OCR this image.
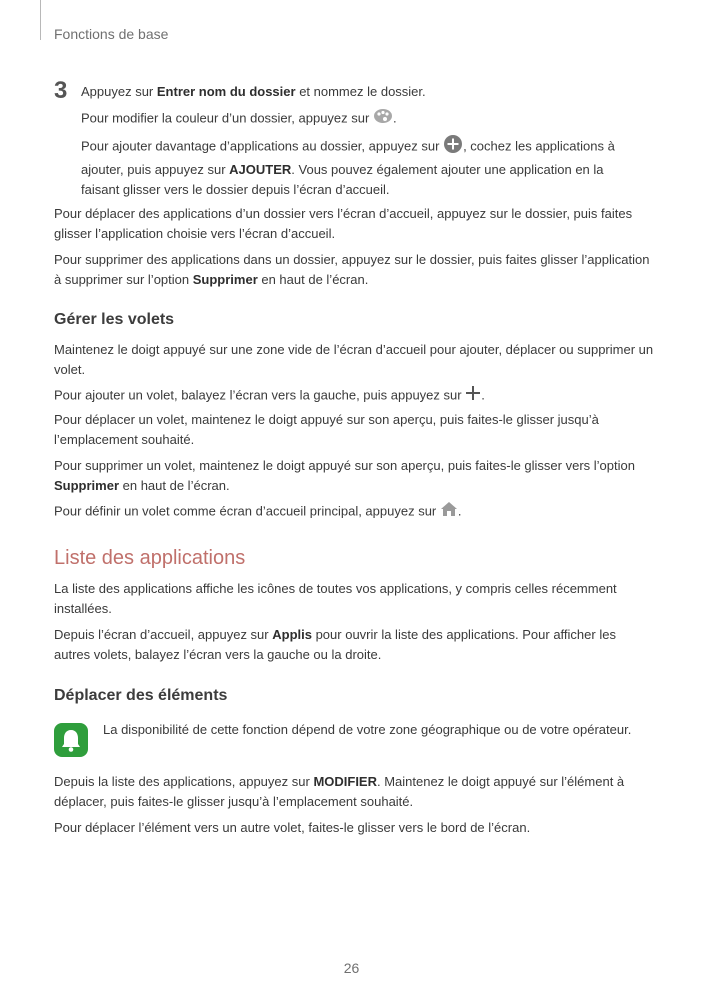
Fonctions de base
3 Appuyez sur Entrer nom du dossier et nommez le dossier.

Pour modifier la couleur d’un dossier, appuyez sur .

Pour ajouter davantage d’applications au dossier, appuyez sur , cochez les applications à ajouter, puis appuyez sur AJOUTER. Vous pouvez également ajouter une application en la faisant glisser vers le dossier depuis l’écran d’accueil.

Pour déplacer des applications d’un dossier vers l’écran d’accueil, appuyez sur le dossier, puis faites glisser l’application choisie vers l’écran d’accueil.

Pour supprimer des applications dans un dossier, appuyez sur le dossier, puis faites glisser l’application à supprimer sur l’option Supprimer en haut de l’écran.

Gérer les volets

Maintenez le doigt appuyé sur une zone vide de l’écran d’accueil pour ajouter, déplacer ou supprimer un volet.

Pour ajouter un volet, balayez l’écran vers la gauche, puis appuyez sur .

Pour déplacer un volet, maintenez le doigt appuyé sur son aperçu, puis faites-le glisser jusqu’à l’emplacement souhaité.

Pour supprimer un volet, maintenez le doigt appuyé sur son aperçu, puis faites-le glisser vers l’option Supprimer en haut de l’écran.

Pour définir un volet comme écran d’accueil principal, appuyez sur .

Liste des applications

La liste des applications affiche les icônes de toutes vos applications, y compris celles récemment installées.

Depuis l’écran d’accueil, appuyez sur Applis pour ouvrir la liste des applications. Pour afficher les autres volets, balayez l’écran vers la gauche ou la droite.

Déplacer des éléments

La disponibilité de cette fonction dépend de votre zone géographique ou de votre opérateur.

Depuis la liste des applications, appuyez sur MODIFIER. Maintenez le doigt appuyé sur l’élément à déplacer, puis faites-le glisser jusqu’à l’emplacement souhaité.

Pour déplacer l’élément vers un autre volet, faites-le glisser vers le bord de l’écran.

26
